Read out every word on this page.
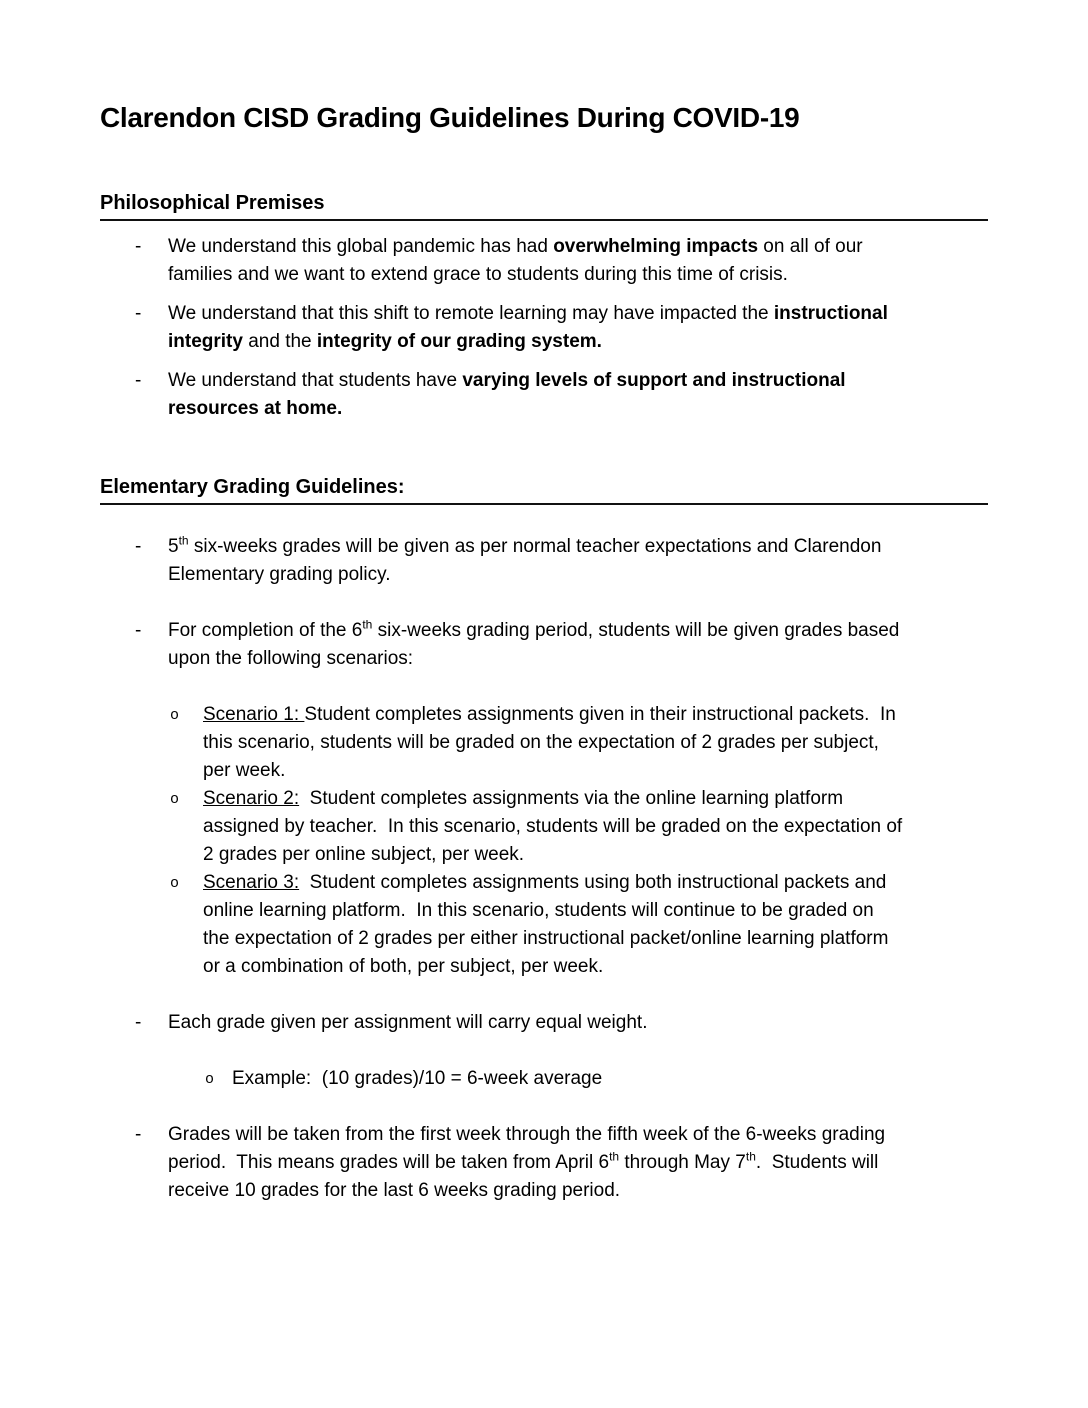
Clarendon CISD Grading Guidelines During COVID-19
Philosophical Premises
- We understand this global pandemic has had overwhelming impacts on all of our
families and we want to extend grace to students during this time of crisis.
- We understand that this shift to remote learning may have impacted the instructional
integrity and the integrity of our grading system.
- We understand that students have varying levels of support and instructional
resources at home.
Elementary Grading Guidelines:
- 5th six-weeks grades will be given as per normal teacher expectations and Clarendon
Elementary grading policy.
- For completion of the 6th six-weeks grading period, students will be given grades based
upon the following scenarios:
o Scenario 1: Student completes assignments given in their instructional packets.  In
this scenario, students will be graded on the expectation of 2 grades per subject,
per week.
o Scenario 2:  Student completes assignments via the online learning platform
assigned by teacher.  In this scenario, students will be graded on the expectation of
2 grades per online subject, per week.
o Scenario 3:  Student completes assignments using both instructional packets and
online learning platform.  In this scenario, students will continue to be graded on
the expectation of 2 grades per either instructional packet/online learning platform
or a combination of both, per subject, per week.
- Each grade given per assignment will carry equal weight.
o Example:  (10 grades)/10 = 6-week average
- Grades will be taken from the first week through the fifth week of the 6-weeks grading
period.  This means grades will be taken from April 6th through May 7th.  Students will
receive 10 grades for the last 6 weeks grading period.
